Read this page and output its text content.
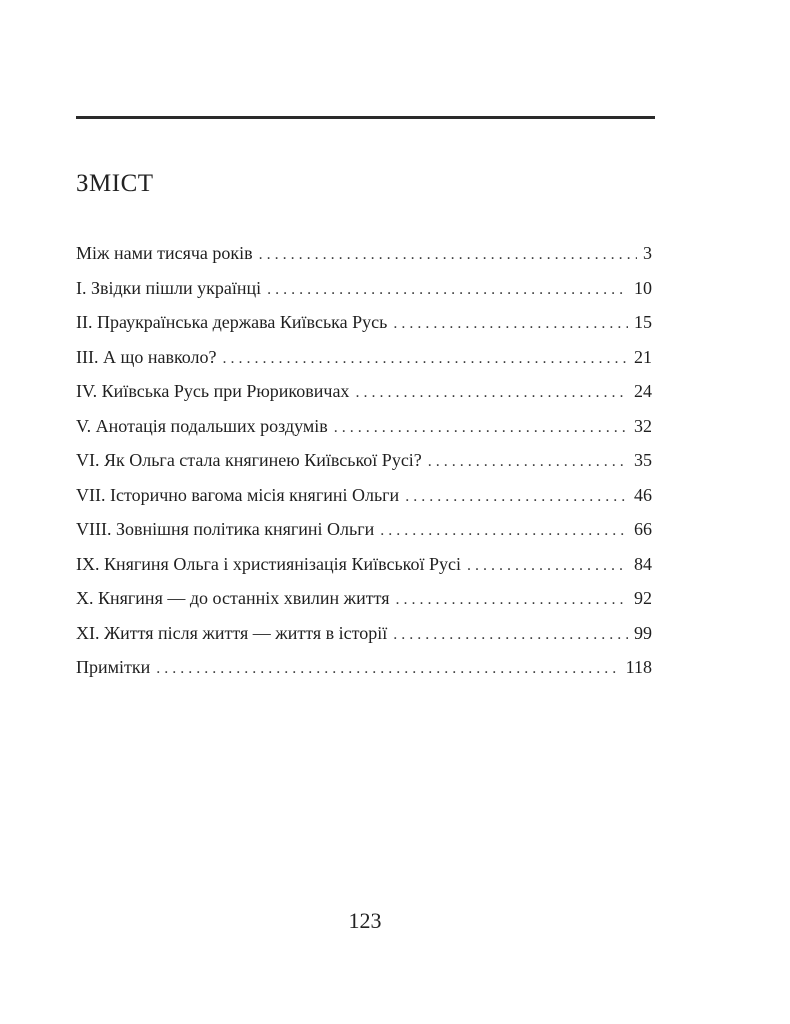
ЗМІСТ
Між нами тисяча років . . .	3
І. Звідки пішли українці . . .	10
ІІ. Праукраїнська держава Київська Русь . . .	15
ІІІ. А що навколо? . . .	21
IV. Київська Русь при Рюриковичах . . .	24
V. Анотація подальших роздумів . . .	32
VI. Як Ольга стала княгинею Київської Русі? . . .	35
VII. Історично вагома місія княгині Ольги . . .	46
VIII. Зовнішня політика княгині Ольги . . .	66
IX. Княгиня Ольга і християнізація Київської Русі . . .	84
X. Княгиня — до останніх хвилин життя . . .	92
XI. Життя після життя — життя в історії . . .	99
Примітки . . .	118
123
